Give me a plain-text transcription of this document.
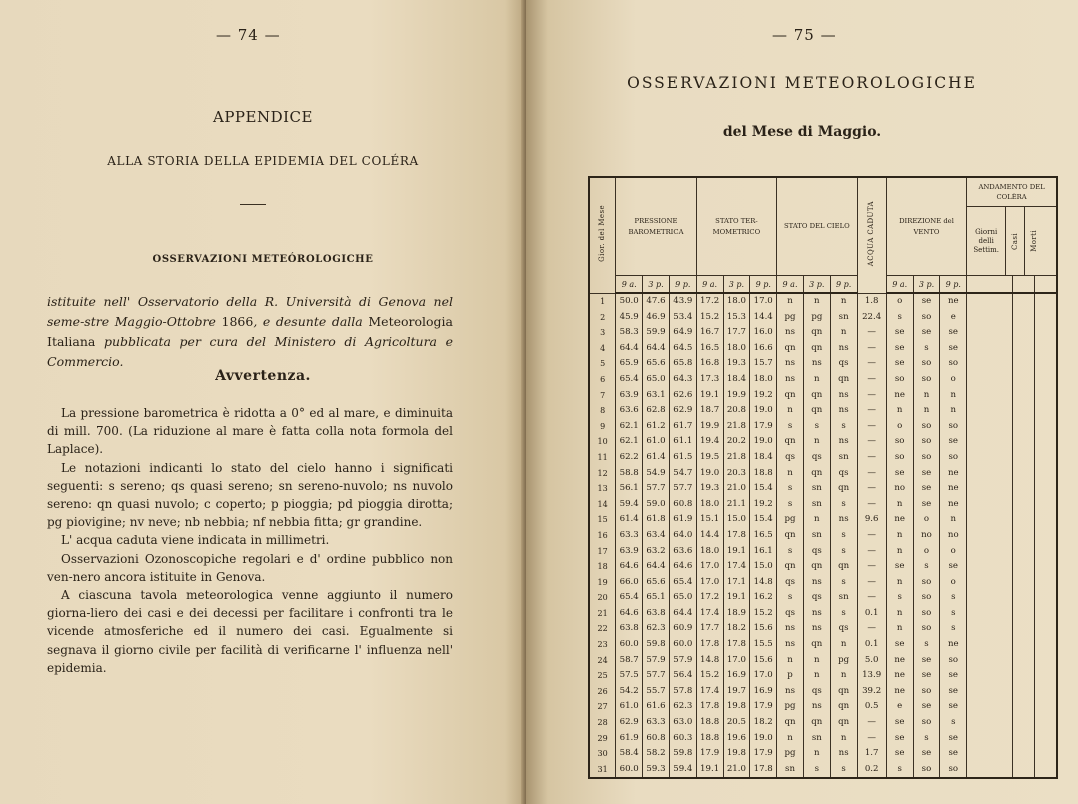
— 74 —
APPENDICE
ALLA STORIA DELLA EPIDEMIA DEL COLÉRA
OSSERVAZIONI METEÓROLOGICHE
istituite nell' Osservatorio della R. Università di Genova nel seme-stre Maggio-Ottobre 1866, e desunte dalla Meteorologia Italiana pubblicata per cura del Ministero di Agricoltura e Commercio.
Avvertenza.

La pressione barometrica è ridotta a 0° ed al mare, e diminuita di mill. 700. (La riduzione al mare è fatta colla nota formola del Laplace).

Le notazioni indicanti lo stato del cielo hanno i significati seguenti: s sereno; qs quasi sereno; sn sereno-nuvolo; ns nuvolo sereno: qn quasi nuvolo; c coperto; p pioggia; pd pioggia dirotta; pg piovigine; nv neve; nb nebbia; nf nebbia fitta; gr grandine.

L' acqua caduta viene indicata in millimetri.

Osservazioni Ozonoscopiche regolari e d' ordine pubblico non ven-nero ancora istituite in Genova.

A ciascuna tavola meteorologica venne aggiunto il numero giorna-liero dei casi e dei decessi per facilitare i confronti tra le vicende atmosferiche ed il numero dei casi. Egualmente si segnava il giorno civile per facilità di verificarne l' influenza nell' epidemia.

— 75 —
OSSERVAZIONI METEOROLOGICHE
del Mese di Maggio.
Gior. del Mese	PRESSIONE BAROMETRICA			STATO TER-MOMETRICO			STATO DEL CIELO			ACQUA CADUTA	DIREZIONE del VENTO			ANDAMENTO DEL COLÈRA
Giorni delli Settim.
Casi Morti		

	9 a.	3 p.	9 p.	9 a.	3 p.	9 p.	9 a.	3 p.	9 p.		9 a.	3 p.	9 p.			
1	50.0	47.6	43.9	17.2	18.0	17.0	n	n	n	1.8	o	se	ne			
2	45.9	46.9	53.4	15.2	15.3	14.4	pg	pg	sn	22.4	s	so	e			
3	58.3	59.9	64.9	16.7	17.7	16.0	ns	qn	n	—	se	se	se			
4	64.4	64.4	64.5	16.5	18.0	16.6	qn	qn	ns	—	se	s	se			
5	65.9	65.6	65.8	16.8	19.3	15.7	ns	ns	qs	—	se	so	so			
6	65.4	65.0	64.3	17.3	18.4	18.0	ns	n	qn	—	so	so	o			
7	63.9	63.1	62.6	19.1	19.9	19.2	qn	qn	ns	—	ne	n	n			
8	63.6	62.8	62.9	18.7	20.8	19.0	n	qn	ns	—	n	n	n			
9	62.1	61.2	61.7	19.9	21.8	17.9	s	s	s	—	o	so	so			
10	62.1	61.0	61.1	19.4	20.2	19.0	qn	n	ns	—	so	so	se			
11	62.2	61.4	61.5	19.5	21.8	18.4	qs	qs	sn	—	so	so	so			
12	58.8	54.9	54.7	19.0	20.3	18.8	n	qn	qs	—	se	se	ne			
13	56.1	57.7	57.7	19.3	21.0	15.4	s	sn	qn	—	no	se	ne			
14	59.4	59.0	60.8	18.0	21.1	19.2	s	sn	s	—	n	se	ne			
15	61.4	61.8	61.9	15.1	15.0	15.4	pg	n	ns	9.6	ne	o	n			
16	63.3	63.4	64.0	14.4	17.8	16.5	qn	sn	s	—	n	no	no			
17	63.9	63.2	63.6	18.0	19.1	16.1	s	qs	s	—	n	o	o			
18	64.6	64.4	64.6	17.0	17.4	15.0	qn	qn	qn	—	se	s	se			
19	66.0	65.6	65.4	17.0	17.1	14.8	qs	ns	s	—	n	so	o			
20	65.4	65.1	65.0	17.2	19.1	16.2	s	qs	sn	—	s	so	s			
21	64.6	63.8	64.4	17.4	18.9	15.2	qs	ns	s	0.1	n	so	s			
22	63.8	62.3	60.9	17.7	18.2	15.6	ns	ns	qs	—	n	so	s			
23	60.0	59.8	60.0	17.8	17.8	15.5	ns	qn	n	0.1	se	s	ne			
24	58.7	57.9	57.9	14.8	17.0	15.6	n	n	pg	5.0	ne	se	so			
25	57.5	57.7	56.4	15.2	16.9	17.0	p	n	n	13.9	ne	se	se			
26	54.2	55.7	57.8	17.4	19.7	16.9	ns	qs	qn	39.2	ne	so	se			
27	61.0	61.6	62.3	17.8	19.8	17.9	pg	ns	qn	0.5	e	se	se			
28	62.9	63.3	63.0	18.8	20.5	18.2	qn	qn	qn	—	se	so	s			
29	61.9	60.8	60.3	18.8	19.6	19.0	n	sn	n	—	se	s	se			
30	58.4	58.2	59.8	17.9	19.8	17.9	pg	n	ns	1.7	se	se	se			
31	60.0	59.3	59.4	19.1	21.0	17.8	sn	s	s	0.2	s	so	so			
